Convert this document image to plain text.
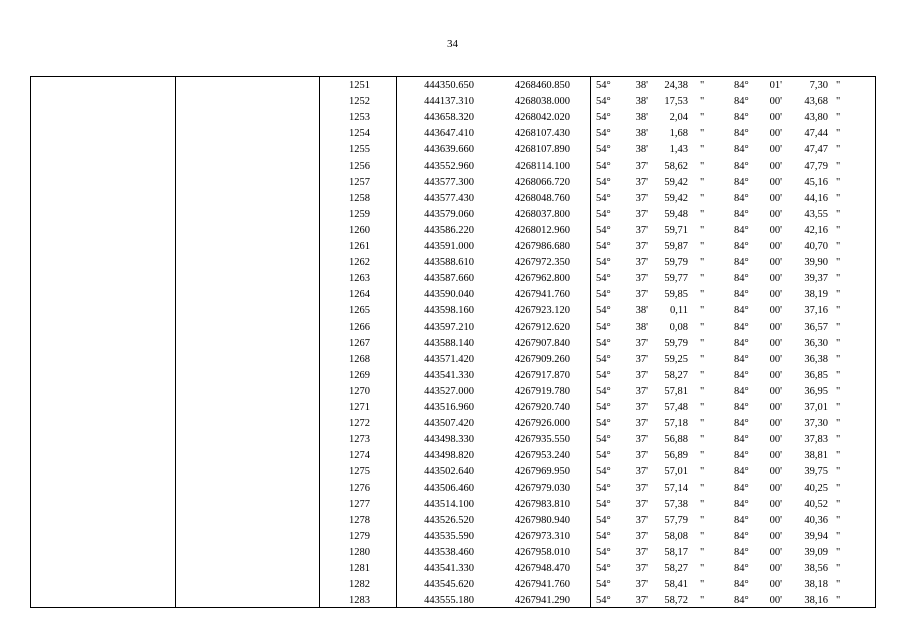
34
1251	444350.650	4268460.850 54°	38'	24,38 "	84°	01'	7,30 "
1252	444137.310	4268038.000 54°	38'	17,53 "	84°	00'	43,68 "
1253	443658.320	4268042.020 54°	38'	2,04 "	84°	00'	43,80 "
1254	443647.410	4268107.430 54°	38'	1,68 "	84°	00'	47,44 "
1255	443639.660	4268107.890 54°	38'	1,43 "	84°	00'	47,47 "
1256	443552.960	4268114.100 54°	37'	58,62 "	84°	00'	47,79 "
1257	443577.300	4268066.720 54°	37'	59,42 "	84°	00'	45,16 "
1258	443577.430	4268048.760 54°	37'	59,42 "	84°	00'	44,16 "
1259	443579.060	4268037.800 54°	37'	59,48 "	84°	00'	43,55 "
1260	443586.220	4268012.960 54°	37'	59,71 "	84°	00'	42,16 "
1261	443591.000	4267986.680 54°	37'	59,87 "	84°	00'	40,70 "
1262	443588.610	4267972.350 54°	37'	59,79 "	84°	00'	39,90 "
1263	443587.660	4267962.800 54°	37'	59,77 "	84°	00'	39,37 "
1264	443590.040	4267941.760 54°	37'	59,85 "	84°	00'	38,19 "
1265	443598.160	4267923.120 54°	38'	0,11 "	84°	00'	37,16 "
1266	443597.210	4267912.620 54°	38'	0,08 "	84°	00'	36,57 "
1267	443588.140	4267907.840 54°	37'	59,79 "	84°	00'	36,30 "
1268	443571.420	4267909.260 54°	37'	59,25 "	84°	00'	36,38 "
1269	443541.330	4267917.870 54°	37'	58,27 "	84°	00'	36,85 "
1270	443527.000	4267919.780 54°	37'	57,81 "	84°	00'	36,95 "
1271	443516.960	4267920.740 54°	37'	57,48 "	84°	00'	37,01 "
1272	443507.420	4267926.000 54°	37'	57,18 "	84°	00'	37,30 "
1273	443498.330	4267935.550 54°	37'	56,88 "	84°	00'	37,83 "
1274	443498.820	4267953.240 54°	37'	56,89 "	84°	00'	38,81 "
1275	443502.640	4267969.950 54°	37'	57,01 "	84°	00'	39,75 "
1276	443506.460	4267979.030 54°	37'	57,14 "	84°	00'	40,25 "
1277	443514.100	4267983.810 54°	37'	57,38 "	84°	00'	40,52 "
1278	443526.520	4267980.940 54°	37'	57,79 "	84°	00'	40,36 "
1279	443535.590	4267973.310 54°	37'	58,08 "	84°	00'	39,94 "
1280	443538.460	4267958.010 54°	37'	58,17 "	84°	00'	39,09 "
1281	443541.330	4267948.470 54°	37'	58,27 "	84°	00'	38,56 "
1282	443545.620	4267941.760 54°	37'	58,41 "	84°	00'	38,18 "
1283	443555.180	4267941.290 54°	37'	58,72 "	84°	00'	38,16 "
